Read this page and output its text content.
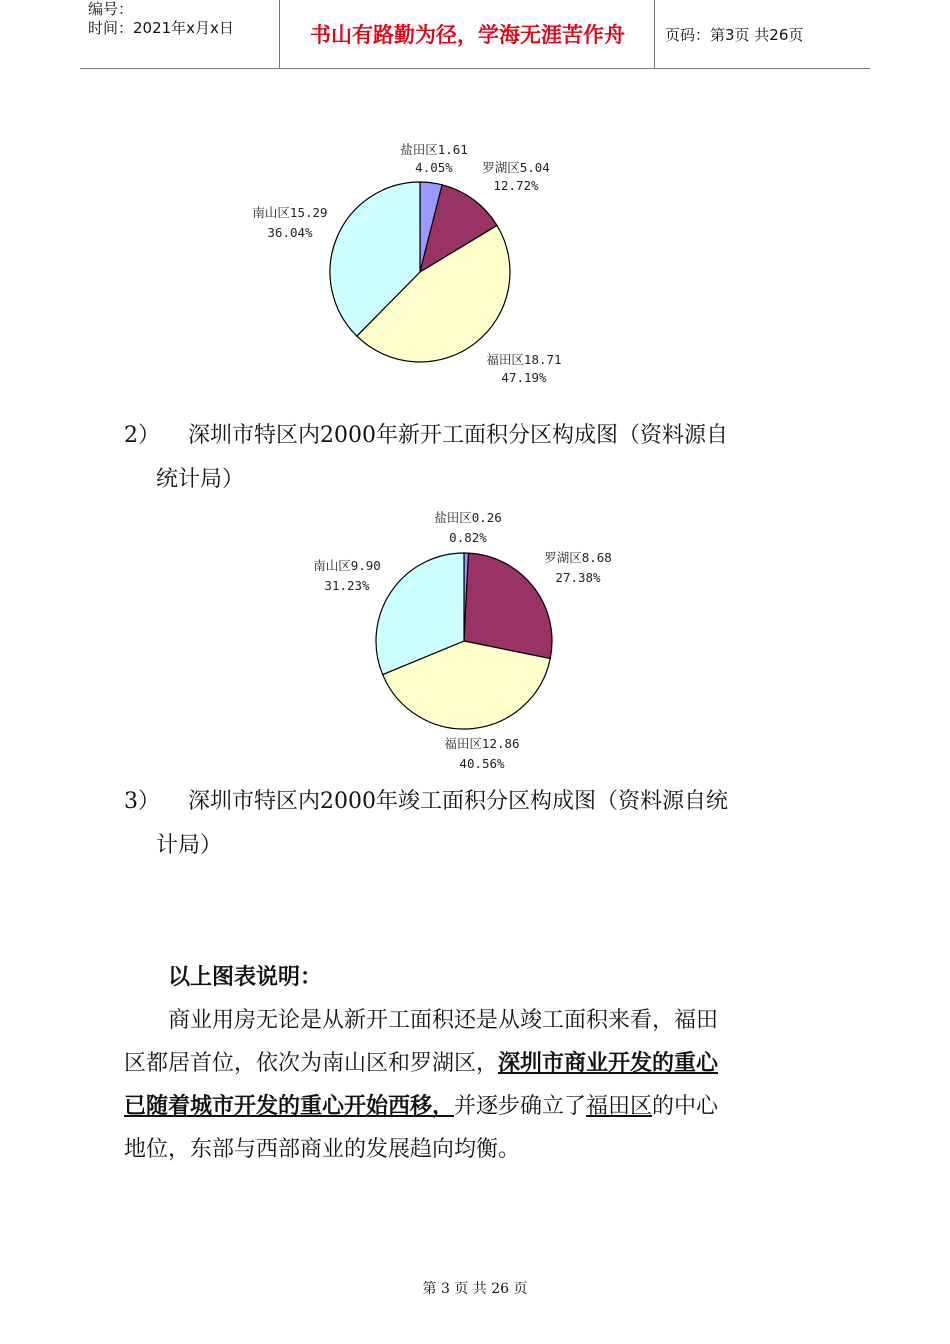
编号：
时间：2021年x月x日	书山有路勤为径，学海无涯苦作舟	页码：第3页 共26页
盐田区1.61
4.05% 罗湖区5.04
12.72%
福田区18.71
47.19%
南山区15.29
36.04%
盐田区0.26
0.82%
罗湖区8.68
27.38%
福田区12.86
40.56%
南山区9.90
31.23%
2） 深圳市特区内2000年新开工面积分区构成图（资料源自
统计局）
3） 深圳市特区内2000年竣工面积分区构成图（资料源自统
计局）
以上图表说明：
商业用房无论是从新开工面积还是从竣工面积来看，福田
区都居首位，依次为南山区和罗湖区，深圳市商业开发的重心
已随着城市开发的重心开始西移，并逐步确立了福田区的中心
地位，东部与西部商业的发展趋向均衡。
第 3 页 共 26 页
